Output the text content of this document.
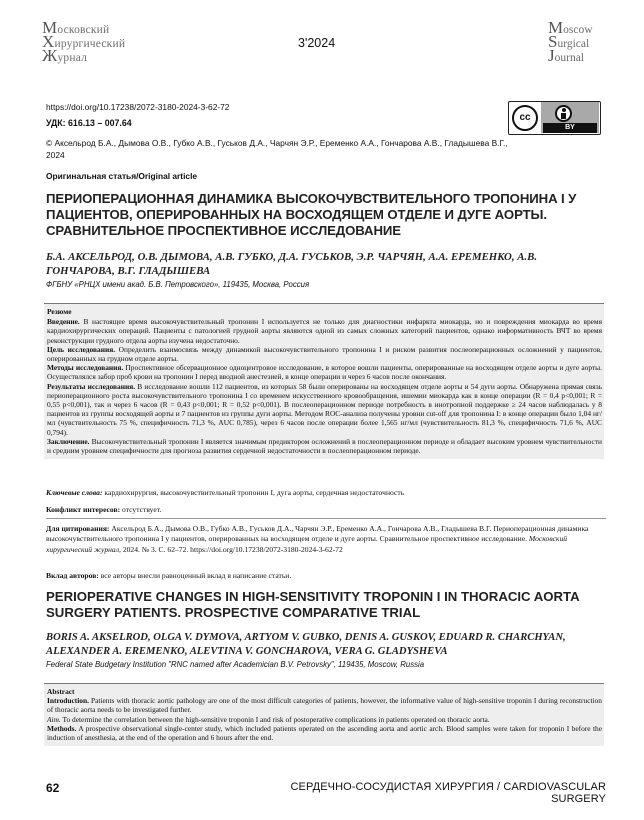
Московский
Хирургический
Журнал
3'2024
Moscow
Surgical
Journal
https://doi.org/10.17238/2072-3180-2024-3-62-72
УДК: 616.13 – 007.64
© Аксельрод Б.А., Дымова О.В., Губко А.В., Гуськов Д.А., Чарчян Э.Р., Еременко А.А., Гончарова А.В., Гладышева В.Г., 2024
Оригинальная статья/Original article
cc
BY
ПЕРИОПЕРАЦИОННАЯ ДИНАМИКА ВЫСОКОЧУВСТВИТЕЛЬНОГО ТРОПОНИНА I У ПАЦИЕНТОВ, ОПЕРИРОВАННЫХ НА ВОСХОДЯЩЕМ ОТДЕЛЕ И ДУГЕ АОРТЫ. СРАВНИТЕЛЬНОЕ ПРОСПЕКТИВНОЕ ИССЛЕДОВАНИЕ
Б.А. АКСЕЛЬРОД, О.В. ДЫМОВА, А.В. ГУБКО, Д.А. ГУСЬКОВ, Э.Р. ЧАРЧЯН, А.А. ЕРЕМЕНКО, А.В. ГОНЧАРОВА, В.Г. ГЛАДЫШЕВА
ФГБНУ «РНЦХ имени акад. Б.В. Петровского», 119435, Москва, Россия
Резюме

Введение. В настоящее время высокочувствительный тропонин I используется не только для диагностики инфаркта миокарда, но и повреждения миокарда во время кардиохирургических операций. Пациенты с патологией грудной аорты являются одной из самых сложных категорий пациентов, однако информативность ВЧТ во время реконструкции грудного отдела аорты изучена недостаточно.

Цель исследования. Определить взаимосвязь между динамикой высокочувствительного тропонина I и риском развития послеоперационных осложнений у пациентов, оперированных на грудном отделе аорты.

Методы исследования. Проспективное обсервационное одноцентровое исследование, в которое вошли пациенты, оперированные на восходящем отделе аорты и дуге аорты. Осуществлялся забор проб крови на тропонин I перед вводной анестезией, в конце операции и через 6 часов после окончания.

Результаты исследования. В исследование вошли 112 пациентов, из которых 58 были оперированы на восходящем отделе аорты и 54 дуги аорты. Обнаружена прямая связь периоперационного роста высокочувствительного тропонина I со временем искусственного кровообращения, ишемии миокарда как в конце операции (R = 0,4 p<0,001; R = 0,55 p<0,001), так и через 6 часов (R = 0,43 p<0,001; R = 0,52 p<0,001). В послеоперационном периоде потребность в инотропной поддержке ≥ 24 часов наблюдалась у 8 пациентов из группы восходящей аорты и 7 пациентов из группы дуги аорты. Методом ROC-анализа получены уровни cut-off для тропонина I: в конце операции было 1,04 нг/мл (чувствительность 75 %, специфичность 71,3 %, AUC 0,785), через 6 часов после операции более 1,565 нг/мл (чувствительность 81,3 %, специфичность 71,6 %, AUC 0,794).

Заключение. Высокочувствительный тропонин I является значимым предиктором осложнений в послеоперационном периоде и обладает высоким уровнем чувствительности и средним уровнем специфичности для прогноза развития сердечной недостаточности в послеоперационном периоде.

Ключевые слова: кардиохирургия, высокочувствительный тропонин I, дуга аорты, сердечная недостаточность
Конфликт интересов: отсутствует.
Для цитирования: Аксельрод Б.А., Дымова О.В., Губко А.В., Гуськов Д.А., Чарчян Э.Р., Еременко А.А., Гончарова А.В., Гладышева В.Г. Периоперационная динамика высокочувствительного тропонина I у пациентов, оперированных на восходящем отделе и дуге аорты. Сравнительное проспективное исследование. Московский хирургический журнал, 2024. № 3. С. 62–72. https://doi.org/10.17238/2072-3180-2024-3-62-72
Вклад авторов: все авторы внесли равноценный вклад в написание статьи.
PERIOPERATIVE CHANGES IN HIGH-SENSITIVITY TROPONIN I IN THORACIC AORTA SURGERY PATIENTS. PROSPECTIVE COMPARATIVE TRIAL
BORIS A. AKSELROD, OLGA V. DYMOVA, ARTYOM V. GUBKO, DENIS A. GUSKOV, EDUARD R. CHARCHYAN, ALEXANDER A. EREMENKO, ALEVTINA V. GONCHAROVA, VERA G. GLADYSHEVA
Federal State Budgetary Institution "RNC named after Academician B.V. Petrovsky", 119435, Moscow, Russia
Abstract

Introduction. Patients with thoracic aortic pathology are one of the most difficult categories of patients, however, the informative value of high-sensitive troponin I during reconstruction of thoracic aorta needs to be investigated further.

Aim. To determine the correlation between the high-sensitive troponin I and risk of postoperative complications in patients operated on thoracic aorta.

Methods. A prospective observational single-center study, which included patients operated on the ascending aorta and aortic arch. Blood samples were taken for troponin I before the induction of anesthesia, at the end of the operation and 6 hours after the end.

62	СЕРДЕЧНО-СОСУДИСТАЯ ХИРУРГИЯ / CARDIOVASCULAR SURGERY
